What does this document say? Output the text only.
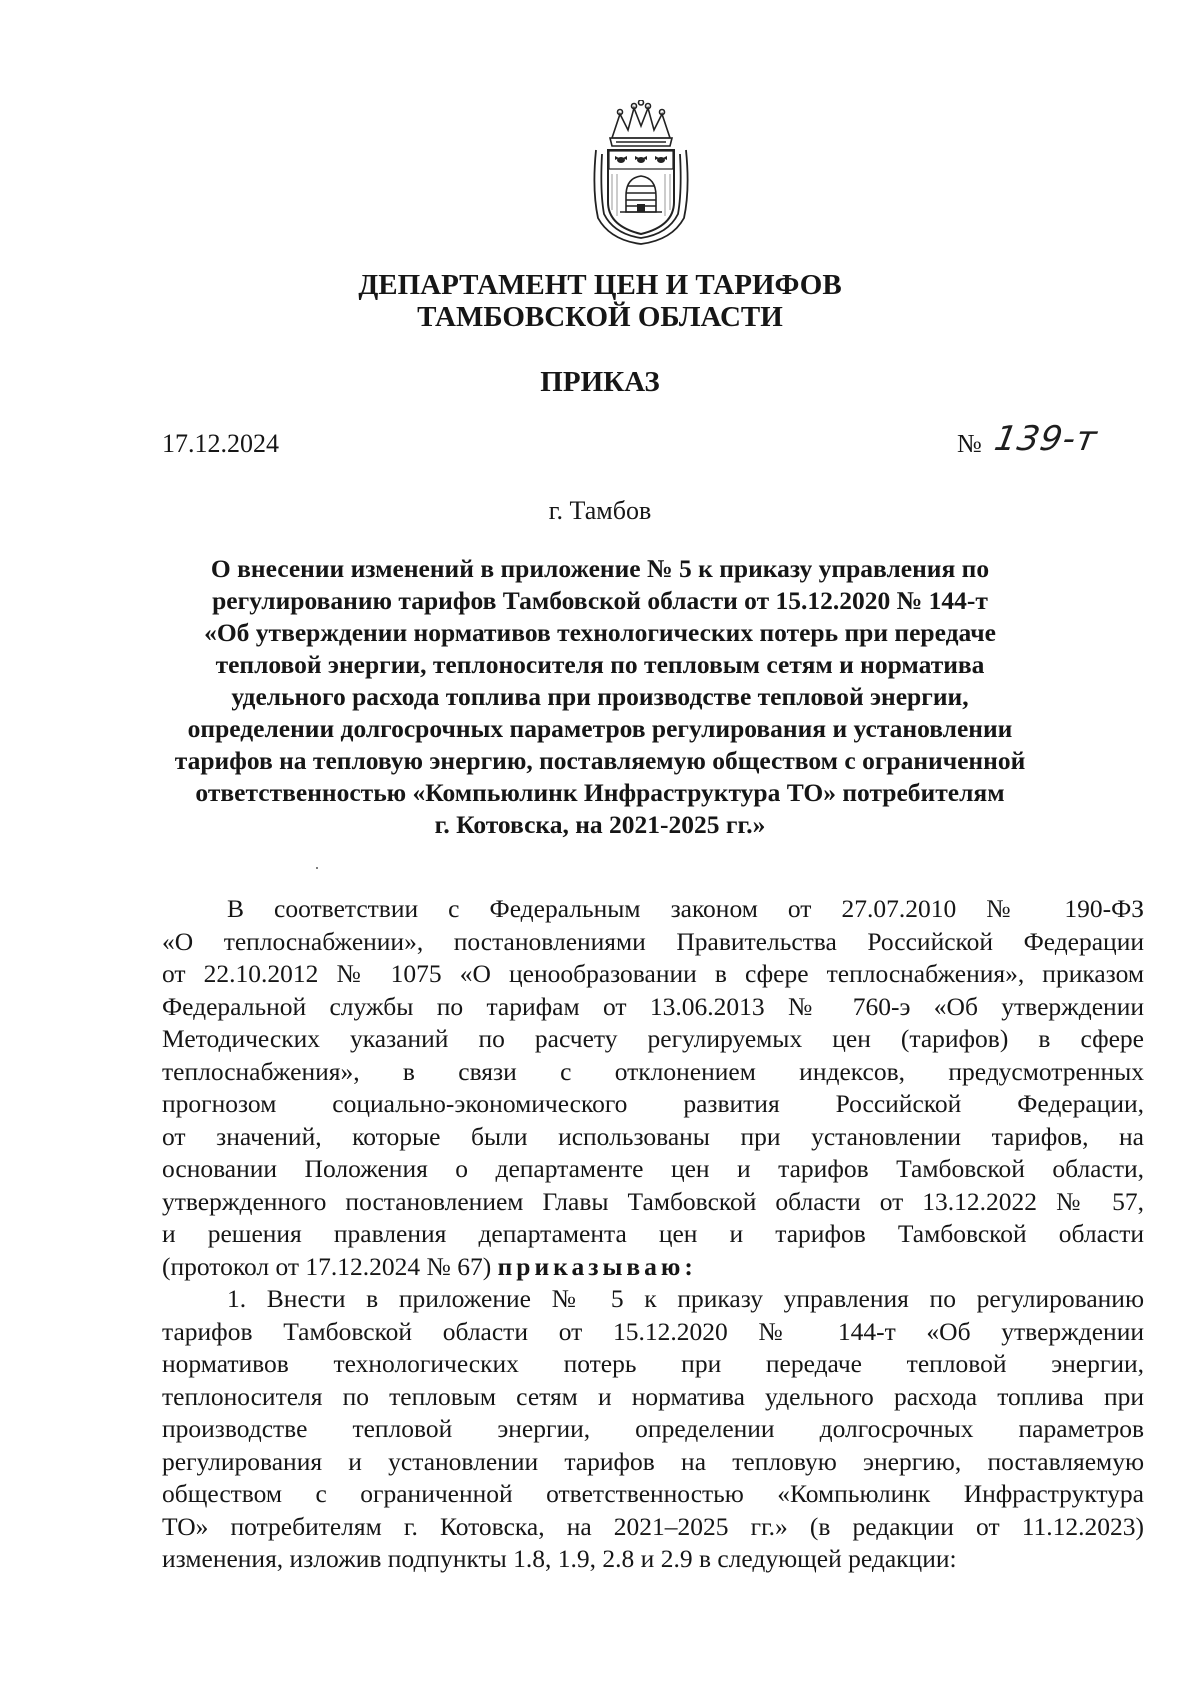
ДЕПАРТАМЕНТ ЦЕН И ТАРИФОВ
ТАМБОВСКОЙ ОБЛАСТИ
ПРИКАЗ
17.12.2024	№ 139-т
г. Тамбов
О внесении изменений в приложение № 5 к приказу управления по
регулированию тарифов Тамбовской области от 15.12.2020 № 144-т
«Об утверждении нормативов технологических потерь при передаче
тепловой энергии, теплоносителя по тепловым сетям и норматива
удельного расхода топлива при производстве тепловой энергии,
определении долгосрочных параметров регулирования и установлении
тарифов на тепловую энергию, поставляемую обществом с ограниченной
ответственностью «Компьюлинк Инфраструктура ТО» потребителям
г. Котовска, на 2021-2025 гг.»
В соответствии с Федеральным законом от 27.07.2010 № 190-ФЗ
«О теплоснабжении», постановлениями Правительства Российской Федерации
от 22.10.2012 № 1075 «О ценообразовании в сфере теплоснабжения», приказом
Федеральной службы по тарифам от 13.06.2013 № 760-э «Об утверждении
Методических указаний по расчету регулируемых цен (тарифов) в сфере
теплоснабжения», в связи с отклонением индексов, предусмотренных
прогнозом социально-экономического развития Российской Федерации,
от значений, которые были использованы при установлении тарифов, на
основании Положения о департаменте цен и тарифов Тамбовской области,
утвержденного постановлением Главы Тамбовской области от 13.12.2022 № 57,
и решения правления департамента цен и тарифов Тамбовской области
(протокол от 17.12.2024 № 67) приказываю:
1. Внести в приложение № 5 к приказу управления по регулированию
тарифов Тамбовской области от 15.12.2020 № 144-т «Об утверждении
нормативов технологических потерь при передаче тепловой энергии,
теплоносителя по тепловым сетям и норматива удельного расхода топлива при
производстве тепловой энергии, определении долгосрочных параметров
регулирования и установлении тарифов на тепловую энергию, поставляемую
обществом с ограниченной ответственностью «Компьюлинк Инфраструктура
ТО» потребителям г. Котовска, на 2021–2025 гг.» (в редакции от 11.12.2023)
изменения, изложив подпункты 1.8, 1.9, 2.8 и 2.9 в следующей редакции:
